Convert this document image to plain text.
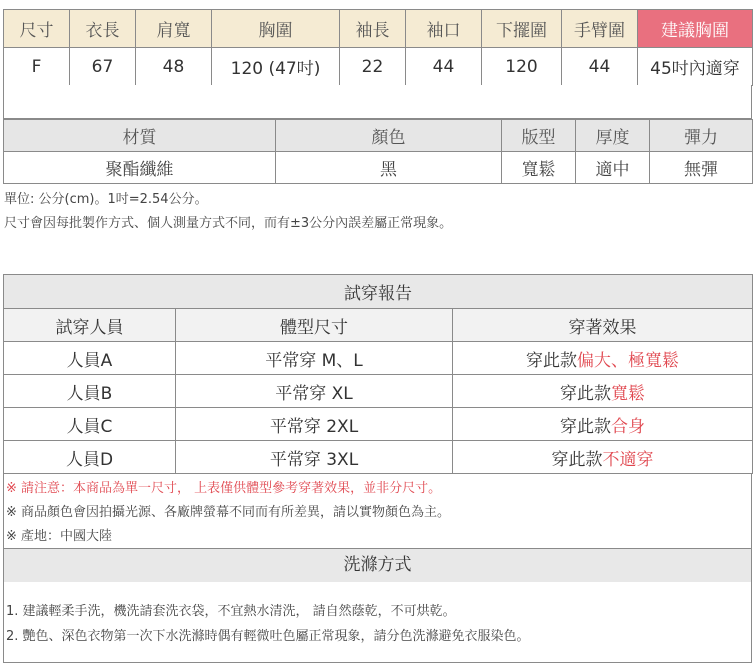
尺寸	衣長	肩寬	胸圍	袖長	袖口	下擺圍	手臂圍	建議胸圍
F	67	48	120 (47吋)	22	44	120	44	45吋內適穿
材質	顏色	版型	厚度	彈力
聚酯纖維	黑	寬鬆	適中	無彈
單位: 公分(cm)。1吋=2.54公分。
尺寸會因每批製作方式、個人測量方式不同，而有±3公分內誤差屬正常現象。
試穿報告		
試穿人員	體型尺寸	穿著效果
人員A	平常穿 M、L	穿此款偏大、極寬鬆
人員B	平常穿 XL	穿此款寬鬆
人員C	平常穿 2XL	穿此款合身
人員D	平常穿 3XL	穿此款不適穿
※ 請注意：本商品為單一尺寸， 上表僅供體型參考穿著效果，並非分尺寸。
※ 商品顏色會因拍攝光源、各廠牌螢幕不同而有所差異，請以實物顏色為主。
※ 產地：中國大陸
洗滌方式
1. 建議輕柔手洗，機洗請套洗衣袋，不宜熱水清洗， 請自然蔭乾，不可烘乾。
2. 艷色、深色衣物第一次下水洗滌時偶有輕微吐色屬正常現象，請分色洗滌避免衣服染色。
